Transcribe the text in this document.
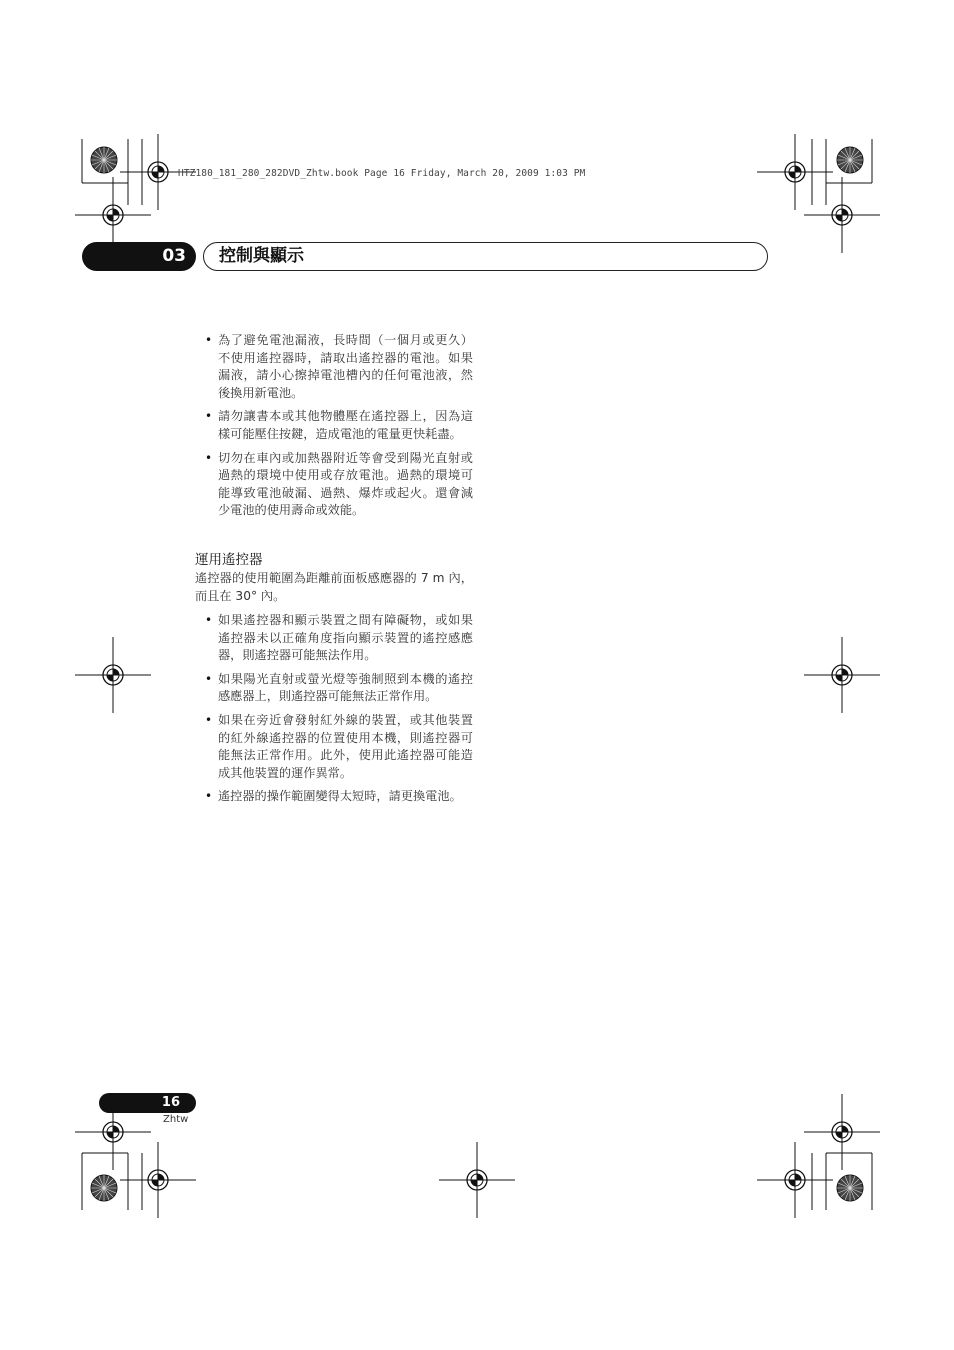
HTZ180_181_280_282DVD_Zhtw.book Page 16 Friday, March 20, 2009 1:03 PM
03	控制與顯示
• 為了避免電池漏液，長時間（一個月或更久）不使用遙控器時，請取出遙控器的電池。如果漏液，請小心擦掉電池槽內的任何電池液，然後換用新電池。
• 請勿讓書本或其他物體壓在遙控器上，因為這樣可能壓住按鍵，造成電池的電量更快耗盡。
• 切勿在車內或加熱器附近等會受到陽光直射或過熱的環境中使用或存放電池。過熱的環境可能導致電池破漏、過熱、爆炸或起火。還會減少電池的使用壽命或效能。
運用遙控器
遙控器的使用範圍為距離前面板感應器的 7 m 內，而且在 30° 內。
• 如果遙控器和顯示裝置之間有障礙物，或如果遙控器未以正確角度指向顯示裝置的遙控感應器，則遙控器可能無法作用。
• 如果陽光直射或螢光燈等強制照到本機的遙控感應器上，則遙控器可能無法正常作用。
• 如果在旁近會發射紅外線的裝置，或其他裝置的紅外線遙控器的位置使用本機，則遙控器可能無法正常作用。此外，使用此遙控器可能造成其他裝置的運作異常。
• 遙控器的操作範圍變得太短時，請更換電池。
16
Zhtw
